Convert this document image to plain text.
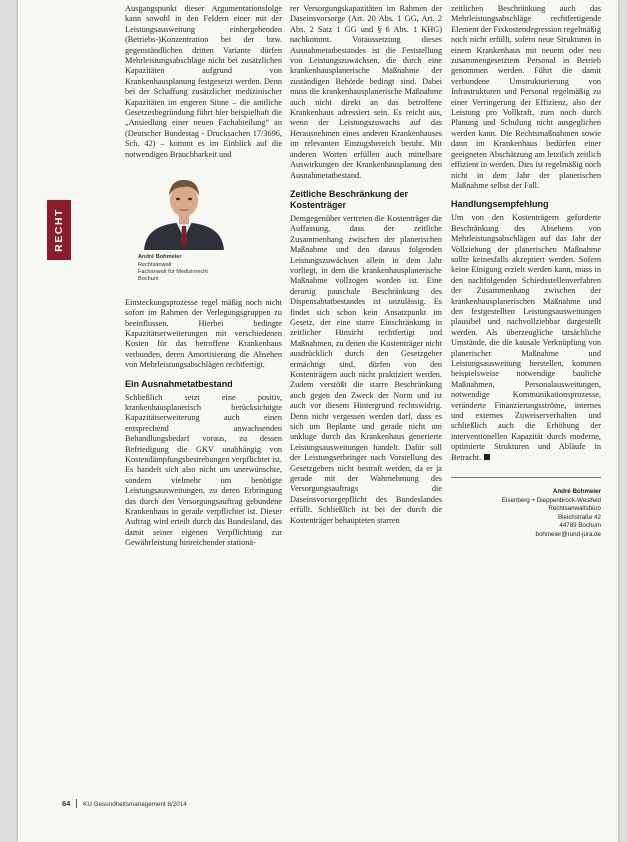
RECHT

Ausgangspunkt dieser Argumentationsfolge kann sowohl in den Feldern einer mit der Leistungsausweitung einhergehenden (Betriebs-)Konzentration bei der bzw. gegenständlichen dritten Variante dürfen Mehrleistungsabschläge nicht bei zusätzlichen Kapazitäten aufgrund von Krankenhausplanung festgesetzt werden. Denn bei der Schaffung zusätzlicher medizinischer Kapazitäten im engeren Sinne – die amtliche Gesetzesbegründung führt hier beispielhaft die „Ansiedlung einer neuen Fachabteilung“ an (Deutscher Bundestag - Drucksachen 17/3696, Sch. 42) – kommt es im Einblick auf die notwendigen Brauchbarkeit und

André Bohmeier
Rechtsanwalt
Fachanwalt für Medizinrecht
Bochum

Einsteckungsprozesse regel mäßig noch nicht sofort im Rahmen der Verlegungsgruppen zu beeinflussen. Hierbei bedingte Kapazitätserweiterungen mit verschiedenen Kosten für das betroffene Krankenhaus verbunden, deren Amortisierung die Absehen von Mehrleistungsabschlägen rechtfertigt.

Ein Ausnahmetatbestand

Schließlich setzt eine positiv, krankenhausplanerisch berücksichtigte Kapazitätserweiterung auch einen entsprechend anwachsenden Behandlungsbedarf voraus, zu dessen Befriedigung die GKV unabhängig von Kostendämpfungsbestrebungen verpflichtet ist. Es handelt sich also nicht um unerwünschte, sondern vielmehr um benötigte Leistungsausweitungen, zu deren Erbringung das durch den Versorgungsauftrag gebundene Krankenhaus in gerade verpflichtet ist. Dieser Auftrag wird erteilt durch das Bundesland, das damit seiner eigenen Verpflichtung zur Gewährleistung hinreichender stationä-

rer Versorgungskapazitäten im Rahmen der Daseinsvorsorge (Art. 20 Abs. 1 GG, Art. 2 Abs. 2 Satz 1 GG und § 6 Abs. 1 KHG) nachkommt. Voraussetzung dieses Ausnahmetatbestandes ist die Feststellung von Leistungszuwächsen, die durch eine krankenhausplanerische Maßnahme der zuständigen Behörde bedingt sind. Dabei muss die krankenhausplanerische Maßnahme auch nicht direkt an das betroffene Krankenhaus adressiert sein. Es reicht aus, wenn der Leistungszuwachs auf das Herausnehmen eines anderen Krankenhauses im relevanten Einzugsbereich beruht. Mit anderen Worten erfüllen auch mittelbare Auswirkungen der Krankenhausplanung den Ausnahmetatbestand.

Zeitliche Beschränkung der Kostenträger

Demgegenüber vertreten die Kostenträger die Auffassung, dass der zeitliche Zusammenhang zwischen der planerischen Maßnahme und den daraus folgenden Leistungszuwächsen allein in dem Jahr vorliegt, in dem die krankenhausplanerische Maßnahme vollzogen worden ist. Eine derartig pauschale Beschränkung des Dispensabtatbestandes ist unzulässig. Es findet sich schon kein Ansatzpunkt im Gesetz, der eine starre Einschränkung in zeitlicher Hinsicht rechtfertigt und Maßnahmen, zu denen die Kostenträger nicht ausdrücklich durch den Gesetzgeber ermächtigt sind, dürfen von den Kostenträgern auch nicht praktiziert werden. Zudem verstößt die starre Beschränkung auch gegen den Zweck der Norm und ist auch vor diesem Hintergrund rechtswidrig. Denn nicht vergessen werden darf, dass es sich um Beplante und gerade nicht um unkluge durch das Krankenhaus generierte Leistungsausweitungen handelt. Dafür soll der Leistungserbringer nach Vorstellung des Gesetzgebers nicht bestraft werden, da er ja gerade mit der Wahrnehmung des Versorgungsauftrags die Daseinsvorsorgepflicht des Bundeslandes erfüllt. Schließlich ist bei der durch die Kostenträger behaupteten starren

zeitlichen Beschränkung auch das Mehrleistungsabschläge rechtfertigende Element der Fixkostendegression regelmäßig noch nicht erfüllt, sofern neue Strukturen in einem Krankenhaus mit neuem oder neu zusammengesetztem Personal in Betrieb genommen werden. Führt die damit verbundene Umstrukturierung von Infrastrukturen und Personal regelmäßig zu einer Verringerung der Effizienz, also der Leistung pro Vollkraft, zum noch durch Planung und Schulung nicht ausgeglichen werden kann. Die Rechtsmaßnahmen sowie dann im Krankenhaus bedürfen einer geeigneten Abschätzung am letztlich zeitlich effizient in werden. Dies ist regelmäßig noch nicht in dem Jahr der planerischen Maßnahme selbst der Fall.

Handlungsempfehlung

Um von den Kostenträgern geforderte Beschränkung des Absehens von Mehrleistungsabschlägen auf das Jahr der Vollziehung der planerischen Maßnahme sollte keinesfalls akzeptiert werden. Sofern keine Einigung erzielt werden kann, muss in den nachfolgenden Schiedsstellenverfahren der Zusammenhang zwischen der krankenhausplanerischen Maßnahme und den festgestellten Leistungsausweitungen plausibel und nachvollziehbar dargestellt werden. Als überzeugliche tatsächliche Umstände, die die kausale Verknüpfung von planerischer Maßnahme und Leistungsausweitung herstellen, kommen beispielsweise notwendige bauliche Maßnahmen, Personalausweitungen, notwendige Kommunikationsprozesse, veränderte Finanzierungsströme, internes und externes Zuweiserverhalten und schließlich auch die Erhöhung der interventionellen Kapazität durch moderne, optimierte Strukturen und Abläufe in Betracht.

André Bohmeier
Eisenberg + Dieppenbrock-Westfeld
Rechtsanwaltsbüro
Bleichstraße 42
44789 Bochum
bohmeier@rund-jura.de
64 KU Gesundheitsmanagement 8/2014
